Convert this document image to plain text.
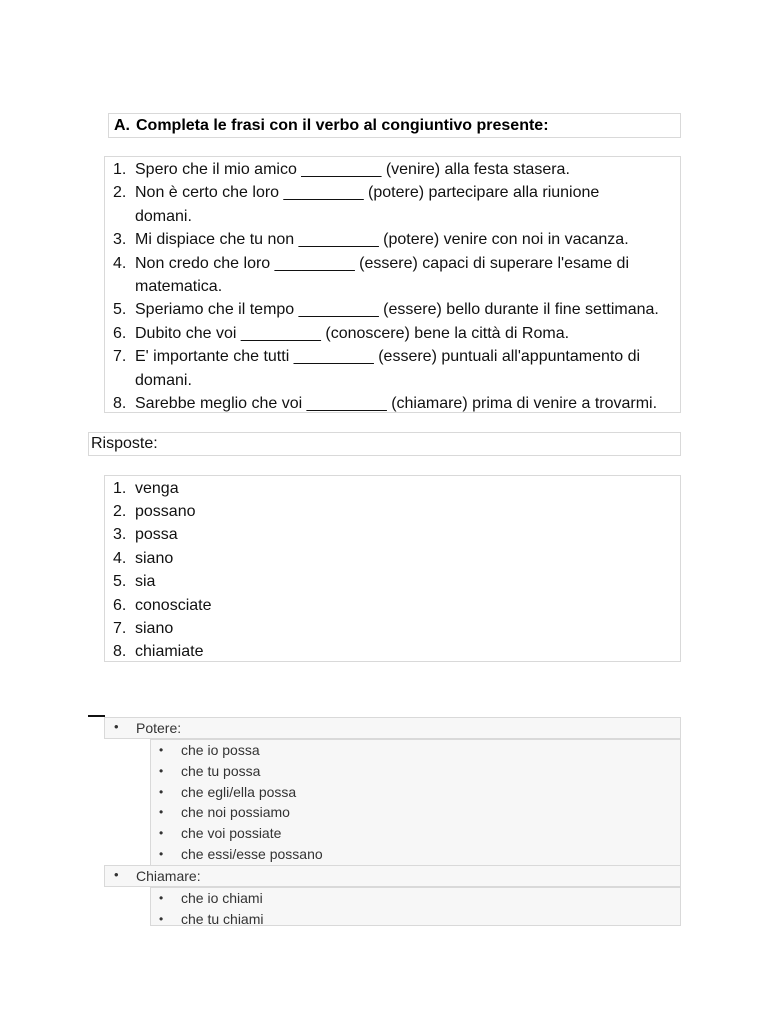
A. Completa le frasi con il verbo al congiuntivo presente:
1. Spero che il mio amico _________ (venire) alla festa stasera.
2. Non è certo che loro _________ (potere) partecipare alla riunione
domani.
3. Mi dispiace che tu non _________ (potere) venire con noi in vacanza.
4. Non credo che loro _________ (essere) capaci di superare l'esame di
matematica.
5. Speriamo che il tempo _________ (essere) bello durante il fine settimana.
6. Dubito che voi _________ (conoscere) bene la città di Roma.
7. E' importante che tutti _________ (essere) puntuali all'appuntamento di
domani.
8. Sarebbe meglio che voi _________ (chiamare) prima di venire a trovarmi.
Risposte:
1. venga
2. possano
3. possa
4. siano
5. sia
6. conosciate
7. siano
8. chiamiate
• Potere:
• che io possa
• che tu possa
• che egli/ella possa
• che noi possiamo
• che voi possiate
• che essi/esse possano
• Chiamare:
• che io chiami
• che tu chiami
